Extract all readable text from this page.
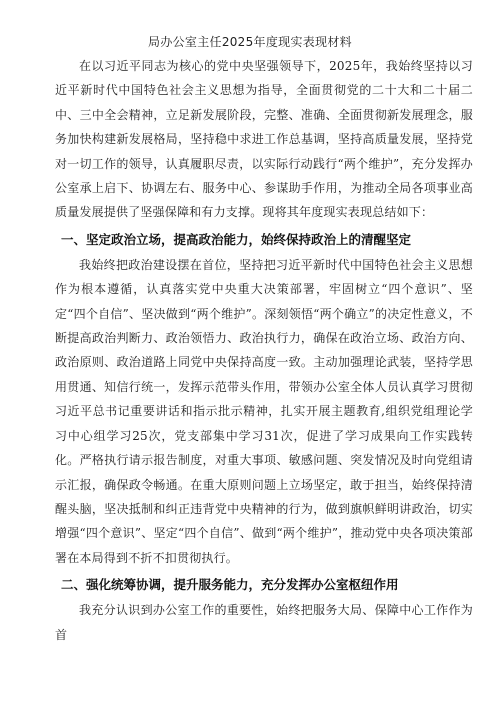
局办公室主任2025年度现实表现材料

在以习近平同志为核心的党中央坚强领导下，2025年，我始终坚持以习近平新时代中国特色社会主义思想为指导，全面贯彻党的二十大和二十届二中、三中全会精神，立足新发展阶段，完整、准确、全面贯彻新发展理念，服务加快构建新发展格局，坚持稳中求进工作总基调，坚持高质量发展，坚持党对一切工作的领导，认真履职尽责，以实际行动践行“两个维护”，充分发挥办公室承上启下、协调左右、服务中心、参谋助手作用，为推动全局各项事业高质量发展提供了坚强保障和有力支撑。现将其年度现实表现总结如下：

一、坚定政治立场，提高政治能力，始终保持政治上的清醒坚定

我始终把政治建设摆在首位，坚持把习近平新时代中国特色社会主义思想作为根本遵循，认真落实党中央重大决策部署，牢固树立“四个意识”、坚定“四个自信”、坚决做到“两个维护”。深刻领悟“两个确立”的决定性意义，不断提高政治判断力、政治领悟力、政治执行力，确保在政治立场、政治方向、政治原则、政治道路上同党中央保持高度一致。主动加强理论武装，坚持学思用贯通、知信行统一，发挥示范带头作用，带领办公室全体人员认真学习贯彻习近平总书记重要讲话和指示批示精神，扎实开展主题教育,组织党组理论学习中心组学习25次，党支部集中学习31次，促进了学习成果向工作实践转化。严格执行请示报告制度，对重大事项、敏感问题、突发情况及时向党组请示汇报，确保政令畅通。在重大原则问题上立场坚定，敢于担当，始终保持清醒头脑，坚决抵制和纠正违背党中央精神的行为，做到旗帜鲜明讲政治，切实增强“四个意识”、坚定“四个自信”、做到“两个维护”，推动党中央各项决策部署在本局得到不折不扣贯彻执行。

二、强化统筹协调，提升服务能力，充分发挥办公室枢纽作用

我充分认识到办公室工作的重要性，始终把服务大局、保障中心工作作为首
